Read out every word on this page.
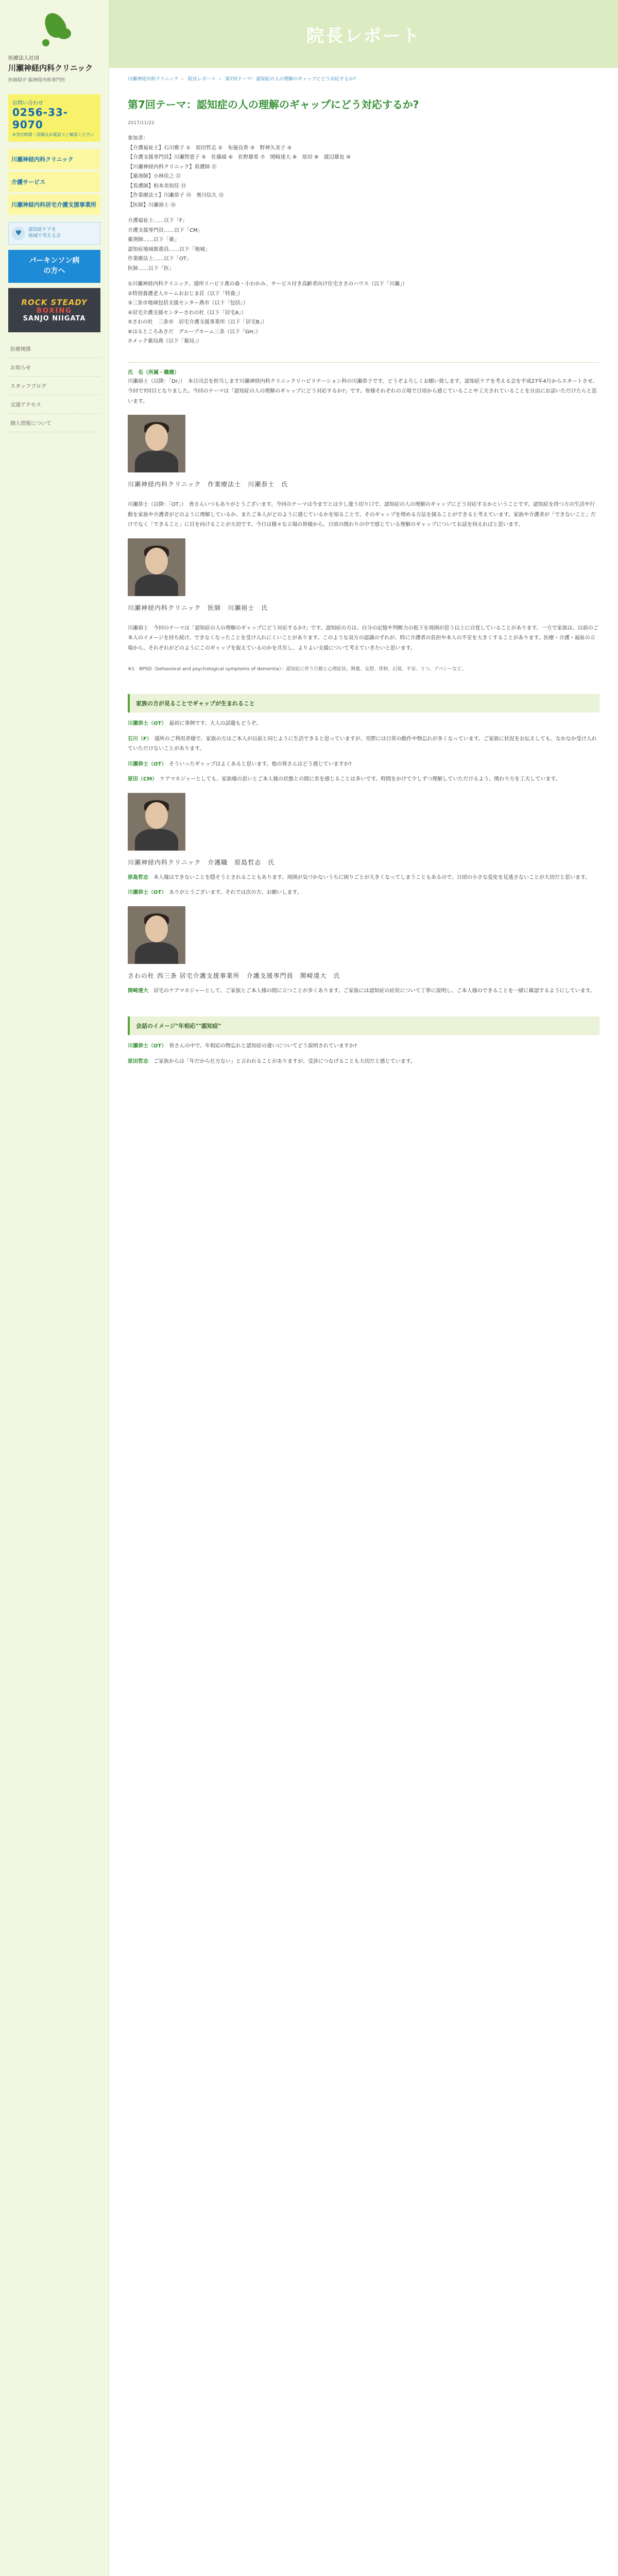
医療法人社団
川瀬神経内科クリニック
医師紹介 脳神経内科専門医
お問い合わせ
0256-33-9070
※受付時間・詳細はお電話でご確認ください
川瀬神経内科クリニック
介護サービス
川瀬神経内科居宅介護支援事業所
♥	認知症ケアを
地域で考える会
パーキンソン病
の方へ
ROCK STEADY
BOXING
SANJO NIIGATA
医療関係
お知らせ
スタッフブログ
交通アクセス
個人情報について
院長レポート
川瀬神経内科クリニック › 院長レポート › 第7回テーマ：認知症の人の理解のギャップにどう対応するか?
第7回テーマ：認知症の人の理解のギャップにどう対応するか?
2017/11/22

参加者：

【介護福祉士】石川雅子 ①　原田哲志 ②　布施良香 ③　野神久美子 ④

【介護支援専門員】川瀬智恵子 ⑤　佐藤綾 ⑥　佐野雄希 ⑦　関崎達大 ⑧　原田 ⑨　渡辺雄也 ⑩

【川瀬神経内科クリニック】看護師 ⑪

【薬剤師】小林佳之 ⑫

【看護師】柏本美知佳 ⑬

【作業療法士】川瀬恭子 ⑭　奥川信久 ⑮

【医師】川瀬裕士 ⑯

介護福祉士……以下「F」

介護支援専門員……以下「CM」

薬剤師……以下「薬」

認知症地域推進員……以下「地域」

作業療法士……以下「OT」

医師……以下「医」

①川瀬神経内科クリニック、通所リハビリ燕の森・小わかみ、サービス付き高齢者向け住宅ささのハウス（以下「川瀬」）

②特別養護老人ホームおおじま荘（以下「特養」）

③三条市地域包括支援センター燕市（以下「包括」）

④居宅介護支援センターさわの杜（以下「居宅A」）

⑤さわの杜　三条市　居宅介護支援事業所（以下「居宅B」）

⑥はるところあさだ　グループホーム三条（以下「GH」）

⑦メック薬局燕（以下「薬局」）

氏　名（所属・職種）
川瀬裕士（以降：「Dr」）　本日司会を担当します川瀬神経内科クリニックリハビリテーション科の川瀬恭子です。どうぞよろしくお願い致します。認知症ケアを考える会を平成27年4月からスタートさせ、今回で7回目となりました。今回のテーマは「認知症の人の理解のギャップにどう対応するか?」です。皆様それぞれの立場で日頃から感じていることや工夫されていることを自由にお話いただけたらと思います。
川瀬神経内科クリニック　作業療法士　川瀬恭士　氏
川瀬恭士（以降：「OT」）　皆さんいつもありがとうございます。今回のテーマは今までとは少し違う切り口で、認知症の人の理解のギャップにどう対応するかということです。認知症を持つ方の生活や行動を家族や介護者がどのように理解しているか、またご本人がどのように感じているかを知ることで、そのギャップを埋める方法を探ることができると考えています。家族や介護者が「できないこと」だけでなく「できること」に目を向けることが大切です。今日は様々な立場の皆様から、日頃の関わりの中で感じている理解のギャップについてお話を伺えればと思います。
川瀬神経内科クリニック　医師　川瀬裕士　氏
川瀬裕士　今回のテーマは「認知症の人の理解のギャップにどう対応するか?」です。認知症の方は、自分の記憶や判断力の低下を周囲が思う以上に自覚していることがあります。一方で家族は、以前のご本人のイメージを持ち続け、できなくなったことを受け入れにくいことがあります。このような双方の認識のずれが、時に介護者の負担や本人の不安を大きくすることがあります。医療・介護・福祉の立場から、それぞれがどのようにこのギャップを捉えているのかを共有し、よりよい支援について考えていきたいと思います。
※1　BPSD（behavioral and psychological symptoms of dementia）：認知症に伴う行動と心理症状。興奮、妄想、徘徊、幻覚、不安、うつ、アパシーなど。
家族の方が見ることでギャップが生まれること

川瀬恭士（OT）　 最初に事例です。大人の話題もどうぞ。

石川（F）　 通所のご利用者様で、家族の方はご本人が以前と同じように生活できると思っていますが、実際には日常の動作や物忘れが多くなっています。ご家族に状況をお伝えしても、なかなか受け入れていただけないことがあります。

川瀬恭士（OT）　 そういったギャップはよくあると思います。他の皆さんはどう感じていますか?

原田（CM）　 ケアマネジャーとしても、家族様の思いとご本人様の状態との間に差を感じることは多いです。時間をかけて少しずつ理解していただけるよう、関わり方を工夫しています。

川瀬神経内科クリニック　介護職　原島哲志　氏

原島哲志　 本人様はできないことを隠そうとされることもあります。周囲が気づかないうちに困りごとが大きくなってしまうこともあるので、日頃の小さな変化を見逃さないことが大切だと思います。

川瀬恭士（OT）　 ありがとうございます。それでは次の方、お願いします。

さわの杜 西三条 居宅介護支援事業所　介護支援専門員　関崎達大　氏

関崎達大　 居宅のケアマネジャーとして、ご家族とご本人様の間に立つことが多くあります。ご家族には認知症の症状について丁寧に説明し、ご本人様のできることを一緒に確認するようにしています。

会話のイメージ"年相応""認知症"

川瀬恭士（OT）　 皆さんの中で、年相応の物忘れと認知症の違いについてどう説明されていますか?

原田哲志　 ご家族からは「年だから仕方ない」と言われることがありますが、受診につなげることも大切だと感じています。
